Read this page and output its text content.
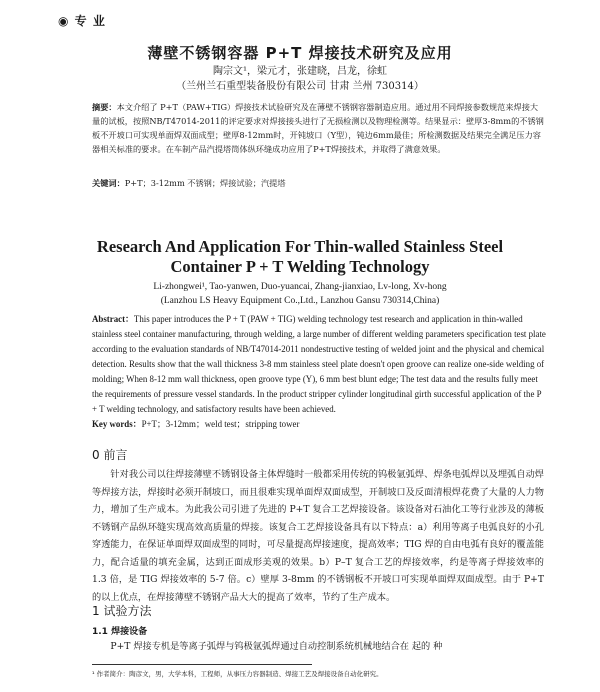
◉ 专 业
薄壁不锈钢容器 P+T 焊接技术研究及应用
陶宗文¹，梁元才，张建晓，吕龙，徐虹
（兰州兰石重型装备股份有限公司 甘肃 兰州 730314）
摘要：本文介绍了 P+T（PAW+TIG）焊接技术试验研究及在薄壁不锈钢容器制造应用。通过用不同焊接参数规范来焊接大量的试板，按照NB/T47014-2011的评定要求对焊接接头进行了无损检测以及物理检测等。结果显示：壁厚3-8mm的不锈钢板不开坡口可实现单面焊双面成型；壁厚8-12mm时，开钝坡口（Y型），钝边6mm最佳；所检测数据及结果完全满足压力容器相关标准的要求。在车制产品汽提塔筒体纵环缝成功应用了P+T焊接技术，并取得了满意效果。
关键词：P+T；3-12mm 不锈钢；焊接试验；汽提塔
Research And Application For Thin-walled Stainless Steel
Container P + T Welding Technology
Li-zhongwei¹, Tao-yanwen, Duo-yuancai, Zhang-jianxiao, Lv-long, Xv-hong
(Lanzhou LS Heavy Equipment Co.,Ltd., Lanzhou Gansu 730314,China)
Abstract：This paper introduces the P + T (PAW + TIG) welding technology test research and application in thin-walled stainless steel container manufacturing, through welding, a large number of different welding parameters specification test plate according to the evaluation standards of NB/T47014-2011 nondestructive testing of welded joint and the physical and chemical detection. Results show that the wall thickness 3-8 mm stainless steel plate doesn't open groove can realize one-side welding of molding; When 8-12 mm wall thickness, open groove type (Y), 6 mm best blunt edge; The test data and the results fully meet the requirements of pressure vessel standards. In the product stripper cylinder longitudinal girth successful application of the P + T welding technology, and satisfactory results have been achieved.
Key words：P+T；3-12mm；weld test；stripping tower
0 前言

针对我公司以往焊接薄壁不锈钢设备主体焊缝时一般都采用传统的钨极氩弧焊、焊条电弧焊以及埋弧自动焊等焊接方法，焊接时必须开制坡口，而且很难实现单面焊双面成型，开制坡口及反面清根焊花费了大量的人力物力，增加了生产成本。为此我公司引进了先进的 P+T 复合工艺焊接设备。该设备对石油化工等行业涉及的薄板不锈钢产品纵环缝实现高效高质量的焊接。该复合工艺焊接设备具有以下特点：a）利用等离子电弧良好的小孔穿透能力，在保证单面焊双面成型的同时，可尽量提高焊接速度，提高效率；TIG 焊的自由电弧有良好的覆盖能力，配合适量的填充金属，达到正面成形美观的效果。b）P–T 复合工艺的焊接效率，约是等离子焊接效率的 1.3 倍，是 TIG 焊接效率的 5-7 倍。c）壁厚 3-8mm 的不锈钢板不开坡口可实现单面焊双面成型。由于 P+T 的以上优点，在焊接薄壁不锈钢产品大大的提高了效率，节约了生产成本。

1 试验方法
1.1 焊接设备

P+T 焊接专机是等离子弧焊与钨极氩弧焊通过自动控制系统机械地结合在 起的 种

¹ 作者简介：陶彦文，男，大学本科，工程师，从事压力容器制造、焊接工艺及焊接设备自动化研究。
